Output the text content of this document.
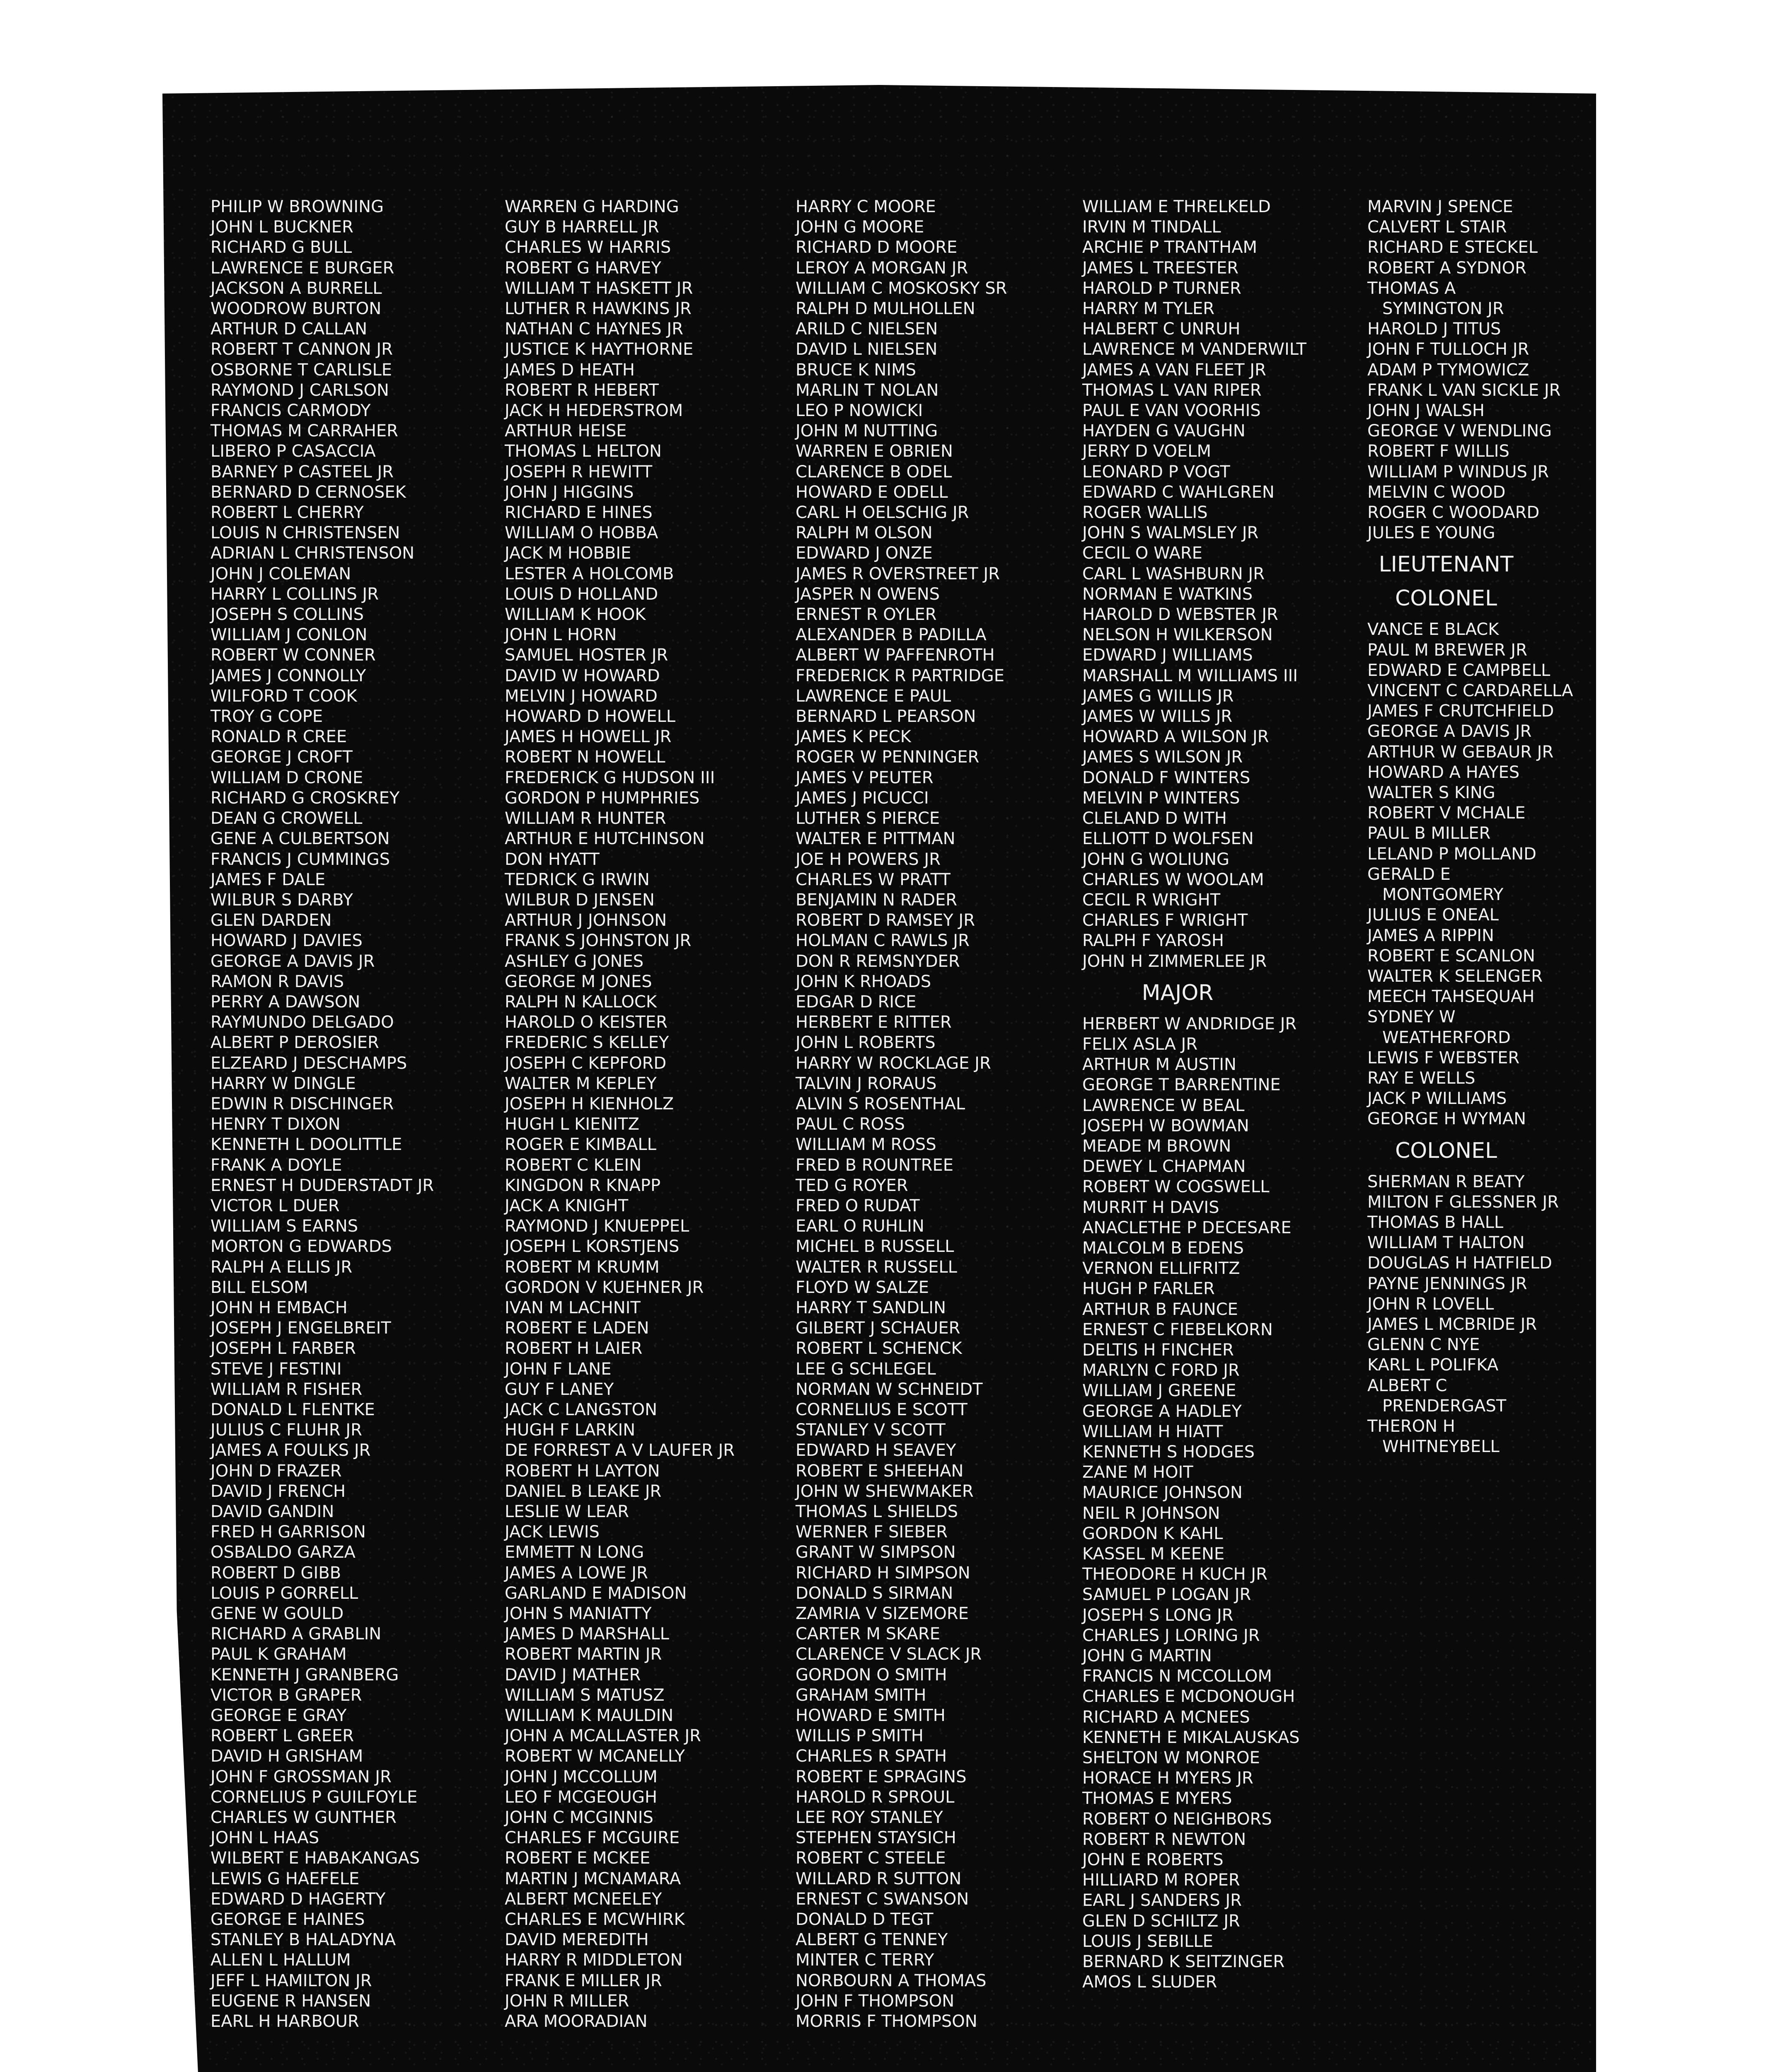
PHILIP W BROWNING
JOHN L BUCKNER
RICHARD G BULL
LAWRENCE E BURGER
JACKSON A BURRELL
WOODROW BURTON
ARTHUR D CALLAN
ROBERT T CANNON JR
OSBORNE T CARLISLE
RAYMOND J CARLSON
FRANCIS CARMODY
THOMAS M CARRAHER
LIBERO P CASACCIA
BARNEY P CASTEEL JR
BERNARD D CERNOSEK
ROBERT L CHERRY
LOUIS N CHRISTENSEN
ADRIAN L CHRISTENSON
JOHN J COLEMAN
HARRY L COLLINS JR
JOSEPH S COLLINS
WILLIAM J CONLON
ROBERT W CONNER
JAMES J CONNOLLY
WILFORD T COOK
TROY G COPE
RONALD R CREE
GEORGE J CROFT
WILLIAM D CRONE
RICHARD G CROSKREY
DEAN G CROWELL
GENE A CULBERTSON
FRANCIS J CUMMINGS
JAMES F DALE
WILBUR S DARBY
GLEN DARDEN
HOWARD J DAVIES
GEORGE A DAVIS JR
RAMON R DAVIS
PERRY A DAWSON
RAYMUNDO DELGADO
ALBERT P DEROSIER
ELZEARD J DESCHAMPS
HARRY W DINGLE
EDWIN R DISCHINGER
HENRY T DIXON
KENNETH L DOOLITTLE
FRANK A DOYLE
ERNEST H DUDERSTADT JR
VICTOR L DUER
WILLIAM S EARNS
MORTON G EDWARDS
RALPH A ELLIS JR
BILL ELSOM
JOHN H EMBACH
JOSEPH J ENGELBREIT
JOSEPH L FARBER
STEVE J FESTINI
WILLIAM R FISHER
DONALD L FLENTKE
JULIUS C FLUHR JR
JAMES A FOULKS JR
JOHN D FRAZER
DAVID J FRENCH
DAVID GANDIN
FRED H GARRISON
OSBALDO GARZA
ROBERT D GIBB
LOUIS P GORRELL
GENE W GOULD
RICHARD A GRABLIN
PAUL K GRAHAM
KENNETH J GRANBERG
VICTOR B GRAPER
GEORGE E GRAY
ROBERT L GREER
DAVID H GRISHAM
JOHN F GROSSMAN JR
CORNELIUS P GUILFOYLE
CHARLES W GUNTHER
JOHN L HAAS
WILBERT E HABAKANGAS
LEWIS G HAEFELE
EDWARD D HAGERTY
GEORGE E HAINES
STANLEY B HALADYNA
ALLEN L HALLUM
JEFF L HAMILTON JR
EUGENE R HANSEN
EARL H HARBOUR
WARREN G HARDING
GUY B HARRELL JR
CHARLES W HARRIS
ROBERT G HARVEY
WILLIAM T HASKETT JR
LUTHER R HAWKINS JR
NATHAN C HAYNES JR
JUSTICE K HAYTHORNE
JAMES D HEATH
ROBERT R HEBERT
JACK H HEDERSTROM
ARTHUR HEISE
THOMAS L HELTON
JOSEPH R HEWITT
JOHN J HIGGINS
RICHARD E HINES
WILLIAM O HOBBA
JACK M HOBBIE
LESTER A HOLCOMB
LOUIS D HOLLAND
WILLIAM K HOOK
JOHN L HORN
SAMUEL HOSTER JR
DAVID W HOWARD
MELVIN J HOWARD
HOWARD D HOWELL
JAMES H HOWELL JR
ROBERT N HOWELL
FREDERICK G HUDSON III
GORDON P HUMPHRIES
WILLIAM R HUNTER
ARTHUR E HUTCHINSON
DON HYATT
TEDRICK G IRWIN
WILBUR D JENSEN
ARTHUR J JOHNSON
FRANK S JOHNSTON JR
ASHLEY G JONES
GEORGE M JONES
RALPH N KALLOCK
HAROLD O KEISTER
FREDERIC S KELLEY
JOSEPH C KEPFORD
WALTER M KEPLEY
JOSEPH H KIENHOLZ
HUGH L KIENITZ
ROGER E KIMBALL
ROBERT C KLEIN
KINGDON R KNAPP
JACK A KNIGHT
RAYMOND J KNUEPPEL
JOSEPH L KORSTJENS
ROBERT M KRUMM
GORDON V KUEHNER JR
IVAN M LACHNIT
ROBERT E LADEN
ROBERT H LAIER
JOHN F LANE
GUY F LANEY
JACK C LANGSTON
HUGH F LARKIN
DE FORREST A V LAUFER JR
ROBERT H LAYTON
DANIEL B LEAKE JR
LESLIE W LEAR
JACK LEWIS
EMMETT N LONG
JAMES A LOWE JR
GARLAND E MADISON
JOHN S MANIATTY
JAMES D MARSHALL
ROBERT MARTIN JR
DAVID J MATHER
WILLIAM S MATUSZ
WILLIAM K MAULDIN
JOHN A MCALLASTER JR
ROBERT W MCANELLY
JOHN J MCCOLLUM
LEO F MCGEOUGH
JOHN C MCGINNIS
CHARLES F MCGUIRE
ROBERT E MCKEE
MARTIN J MCNAMARA
ALBERT MCNEELEY
CHARLES E MCWHIRK
DAVID MEREDITH
HARRY R MIDDLETON
FRANK E MILLER JR
JOHN R MILLER
ARA MOORADIAN
HARRY C MOORE
JOHN G MOORE
RICHARD D MOORE
LEROY A MORGAN JR
WILLIAM C MOSKOSKY SR
RALPH D MULHOLLEN
ARILD C NIELSEN
DAVID L NIELSEN
BRUCE K NIMS
MARLIN T NOLAN
LEO P NOWICKI
JOHN M NUTTING
WARREN E OBRIEN
CLARENCE B ODEL
HOWARD E ODELL
CARL H OELSCHIG JR
RALPH M OLSON
EDWARD J ONZE
JAMES R OVERSTREET JR
JASPER N OWENS
ERNEST R OYLER
ALEXANDER B PADILLA
ALBERT W PAFFENROTH
FREDERICK R PARTRIDGE
LAWRENCE E PAUL
BERNARD L PEARSON
JAMES K PECK
ROGER W PENNINGER
JAMES V PEUTER
JAMES J PICUCCI
LUTHER S PIERCE
WALTER E PITTMAN
JOE H POWERS JR
CHARLES W PRATT
BENJAMIN N RADER
ROBERT D RAMSEY JR
HOLMAN C RAWLS JR
DON R REMSNYDER
JOHN K RHOADS
EDGAR D RICE
HERBERT E RITTER
JOHN L ROBERTS
HARRY W ROCKLAGE JR
TALVIN J RORAUS
ALVIN S ROSENTHAL
PAUL C ROSS
WILLIAM M ROSS
FRED B ROUNTREE
TED G ROYER
FRED O RUDAT
EARL O RUHLIN
MICHEL B RUSSELL
WALTER R RUSSELL
FLOYD W SALZE
HARRY T SANDLIN
GILBERT J SCHAUER
ROBERT L SCHENCK
LEE G SCHLEGEL
NORMAN W SCHNEIDT
CORNELIUS E SCOTT
STANLEY V SCOTT
EDWARD H SEAVEY
ROBERT E SHEEHAN
JOHN W SHEWMAKER
THOMAS L SHIELDS
WERNER F SIEBER
GRANT W SIMPSON
RICHARD H SIMPSON
DONALD S SIRMAN
ZAMRIA V SIZEMORE
CARTER M SKARE
CLARENCE V SLACK JR
GORDON O SMITH
GRAHAM SMITH
HOWARD E SMITH
WILLIS P SMITH
CHARLES R SPATH
ROBERT E SPRAGINS
HAROLD R SPROUL
LEE ROY STANLEY
STEPHEN STAYSICH
ROBERT C STEELE
WILLARD R SUTTON
ERNEST C SWANSON
DONALD D TEGT
ALBERT G TENNEY
MINTER C TERRY
NORBOURN A THOMAS
JOHN F THOMPSON
MORRIS F THOMPSON
WILLIAM E THRELKELD
IRVIN M TINDALL
ARCHIE P TRANTHAM
JAMES L TREESTER
HAROLD P TURNER
HARRY M TYLER
HALBERT C UNRUH
LAWRENCE M VANDERWILT
JAMES A VAN FLEET JR
THOMAS L VAN RIPER
PAUL E VAN VOORHIS
HAYDEN G VAUGHN
JERRY D VOELM
LEONARD P VOGT
EDWARD C WAHLGREN
ROGER WALLIS
JOHN S WALMSLEY JR
CECIL O WARE
CARL L WASHBURN JR
NORMAN E WATKINS
HAROLD D WEBSTER JR
NELSON H WILKERSON
EDWARD J WILLIAMS
MARSHALL M WILLIAMS III
JAMES G WILLIS JR
JAMES W WILLS JR
HOWARD A WILSON JR
JAMES S WILSON JR
DONALD F WINTERS
MELVIN P WINTERS
CLELAND D WITH
ELLIOTT D WOLFSEN
JOHN G WOLIUNG
CHARLES W WOOLAM
CECIL R WRIGHT
CHARLES F WRIGHT
RALPH F YAROSH
JOHN H ZIMMERLEE JR
MAJOR
HERBERT W ANDRIDGE JR
FELIX ASLA JR
ARTHUR M AUSTIN
GEORGE T BARRENTINE
LAWRENCE W BEAL
JOSEPH W BOWMAN
MEADE M BROWN
DEWEY L CHAPMAN
ROBERT W COGSWELL
MURRIT H DAVIS
ANACLETHE P DECESARE
MALCOLM B EDENS
VERNON ELLIFRITZ
HUGH P FARLER
ARTHUR B FAUNCE
ERNEST C FIEBELKORN
DELTIS H FINCHER
MARLYN C FORD JR
WILLIAM J GREENE
GEORGE A HADLEY
WILLIAM H HIATT
KENNETH S HODGES
ZANE M HOIT
MAURICE JOHNSON
NEIL R JOHNSON
GORDON K KAHL
KASSEL M KEENE
THEODORE H KUCH JR
SAMUEL P LOGAN JR
JOSEPH S LONG JR
CHARLES J LORING JR
JOHN G MARTIN
FRANCIS N MCCOLLOM
CHARLES E MCDONOUGH
RICHARD A MCNEES
KENNETH E MIKALAUSKAS
SHELTON W MONROE
HORACE H MYERS JR
THOMAS E MYERS
ROBERT O NEIGHBORS
ROBERT R NEWTON
JOHN E ROBERTS
HILLIARD M ROPER
EARL J SANDERS JR
GLEN D SCHILTZ JR
LOUIS J SEBILLE
BERNARD K SEITZINGER
AMOS L SLUDER
MARVIN J SPENCE
CALVERT L STAIR
RICHARD E STECKEL
ROBERT A SYDNOR
THOMAS A
SYMINGTON JR
HAROLD J TITUS
JOHN F TULLOCH JR
ADAM P TYMOWICZ
FRANK L VAN SICKLE JR
JOHN J WALSH
GEORGE V WENDLING
ROBERT F WILLIS
WILLIAM P WINDUS JR
MELVIN C WOOD
ROGER C WOODARD
JULES E YOUNG
LIEUTENANT
COLONEL
VANCE E BLACK
PAUL M BREWER JR
EDWARD E CAMPBELL
VINCENT C CARDARELLA
JAMES F CRUTCHFIELD
GEORGE A DAVIS JR
ARTHUR W GEBAUR JR
HOWARD A HAYES
WALTER S KING
ROBERT V MCHALE
PAUL B MILLER
LELAND P MOLLAND
GERALD E
MONTGOMERY
JULIUS E ONEAL
JAMES A RIPPIN
ROBERT E SCANLON
WALTER K SELENGER
MEECH TAHSEQUAH
SYDNEY W
WEATHERFORD
LEWIS F WEBSTER
RAY E WELLS
JACK P WILLIAMS
GEORGE H WYMAN
COLONEL
SHERMAN R BEATY
MILTON F GLESSNER JR
THOMAS B HALL
WILLIAM T HALTON
DOUGLAS H HATFIELD
PAYNE JENNINGS JR
JOHN R LOVELL
JAMES L MCBRIDE JR
GLENN C NYE
KARL L POLIFKA
ALBERT C
PRENDERGAST
THERON H
WHITNEYBELL
